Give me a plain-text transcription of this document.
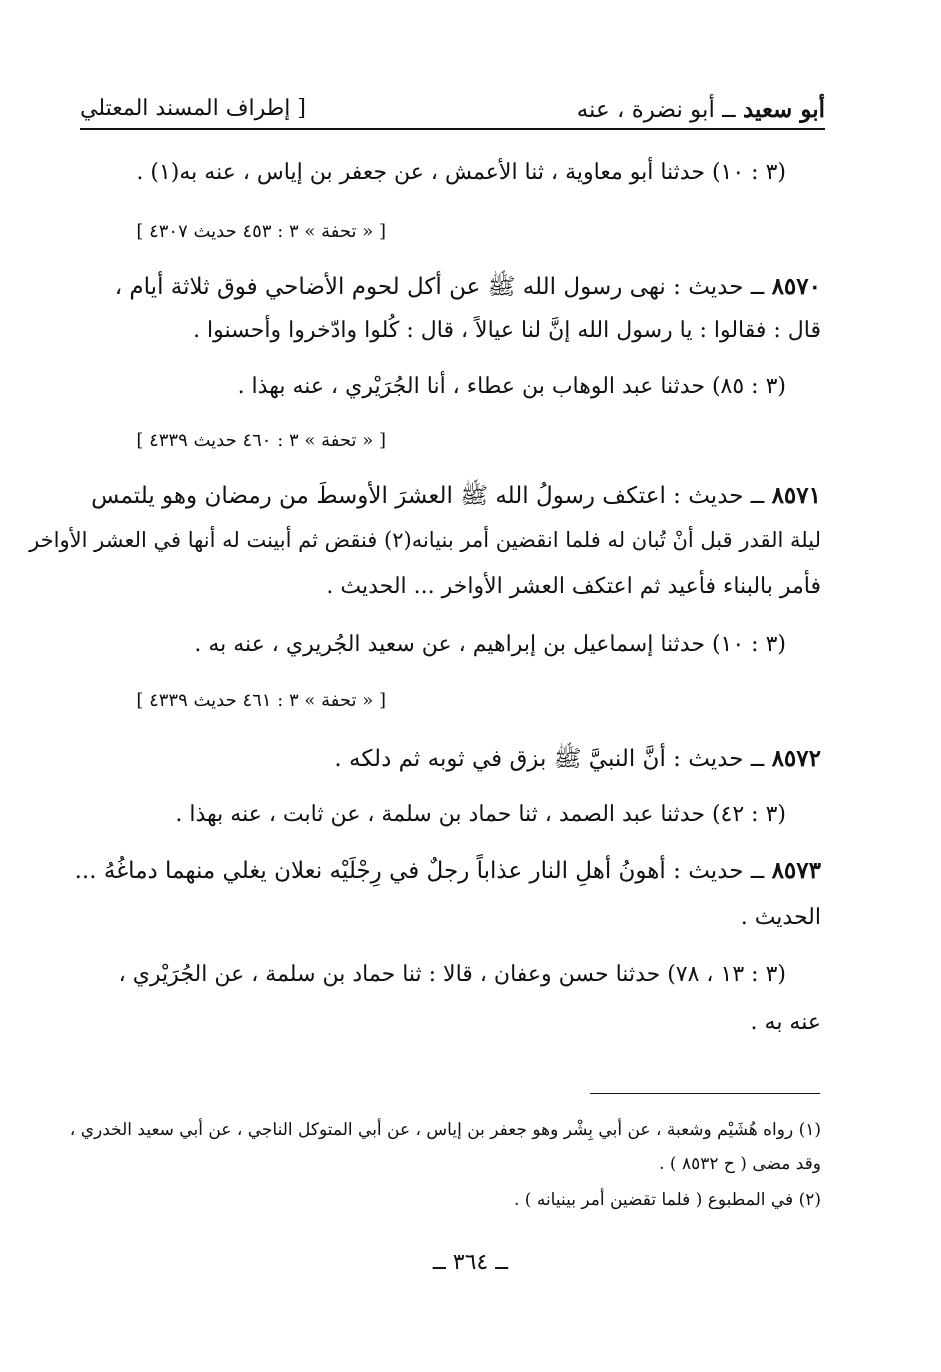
أبو سعيد ــ أبو نضرة ، عنه
[ إطراف المسند المعتلي
(٣ : ١٠) حدثنا أبو معاوية ، ثنا الأعمش ، عن جعفر بن إياس ، عنه به(١) .
[ « تحفة » ٣ : ٤٥٣ حديث ٤٣٠٧ ]
٨٥٧٠ ــ حديث : نهى رسول الله ﷺ عن أكل لحوم الأضاحي فوق ثلاثة أيام ،
قال : فقالوا : يا رسول الله إنَّ لنا عيالاً ، قال : كُلوا وادّخروا وأحسنوا .
(٣ : ٨٥) حدثنا عبد الوهاب بن عطاء ، أنا الجُرَيْري ، عنه بهذا .
[ « تحفة » ٣ : ٤٦٠ حديث ٤٣٣٩ ]
٨٥٧١ ــ حديث : اعتكف رسولُ الله ﷺ العشرَ الأوسطَ من رمضان وهو يلتمس
ليلة القدر قبل أنْ تُبان له فلما انقضين أمر بنيانه(٢) فنقض ثم أبينت له أنها في العشر الأواخر
فأمر بالبناء فأعيد ثم اعتكف العشر الأواخر ... الحديث .
(٣ : ١٠) حدثنا إسماعيل بن إبراهيم ، عن سعيد الجُريري ، عنه به .
[ « تحفة » ٣ : ٤٦١ حديث ٤٣٣٩ ]
٨٥٧٢ ــ حديث : أنَّ النبيَّ ﷺ بزق في ثوبه ثم دلكه .
(٣ : ٤٢) حدثنا عبد الصمد ، ثنا حماد بن سلمة ، عن ثابت ، عنه بهذا .
٨٥٧٣ ــ حديث : أهونُ أهلِ النار عذاباً رجلٌ في رِجْلَيْه نعلان يغلي منهما دماغُهُ ...
الحديث .
(٣ : ١٣ ، ٧٨) حدثنا حسن وعفان ، قالا : ثنا حماد بن سلمة ، عن الجُرَيْري ،
عنه به .
(١) رواه هُشَيْم وشعبة ، عن أبي بِشْر وهو جعفر بن إياس ، عن أبي المتوكل الناجي ، عن أبي سعيد الخدري ،
وقد مضى ( ح ٨٥٣٢ ) .
(٢) في المطبوع ( فلما تقضين أمر بينيانه ) .
ــ ٣٦٤ ــ
